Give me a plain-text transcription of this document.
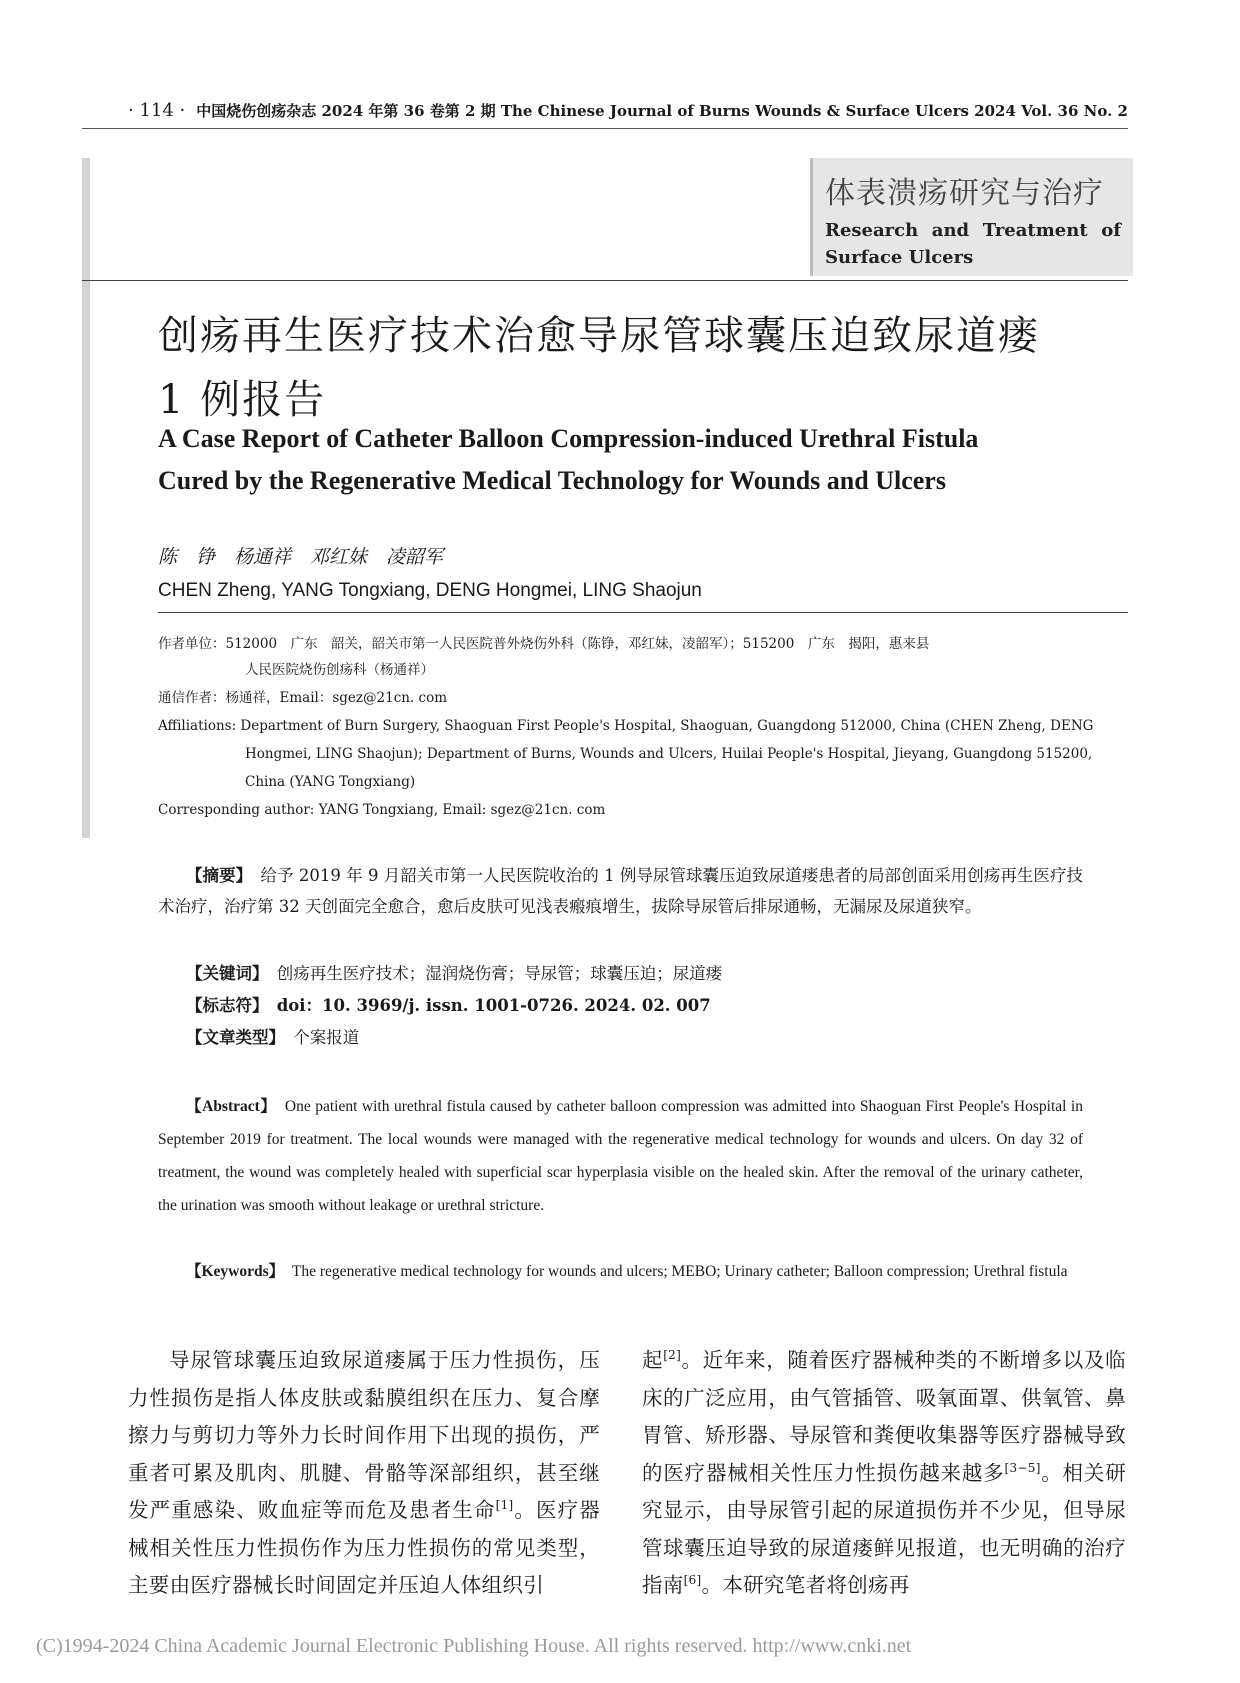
· 114 · 中国烧伤创疡杂志 2024 年第 36 卷第 2 期 The Chinese Journal of Burns Wounds & Surface Ulcers 2024 Vol. 36 No. 2
体表溃疡研究与治疗
Research and Treatment of
Surface Ulcers
创疡再生医疗技术治愈导尿管球囊压迫致尿道瘘
1 例报告
A Case Report of Catheter Balloon Compression-induced Urethral Fistula
Cured by the Regenerative Medical Technology for Wounds and Ulcers
陈　铮　杨通祥　邓红妹　凌韶军
CHEN Zheng, YANG Tongxiang, DENG Hongmei, LING Shaojun
作者单位：512000　广东　韶关，韶关市第一人民医院普外烧伤外科（陈铮，邓红妹，凌韶军）；515200　广东　揭阳，惠来县
人民医院烧伤创疡科（杨通祥）
通信作者：杨通祥，Email：sgez@21cn. com
Affiliations: Department of Burn Surgery, Shaoguan First People's Hospital, Shaoguan, Guangdong 512000, China (CHEN Zheng, DENG
Hongmei, LING Shaojun); Department of Burns, Wounds and Ulcers, Huilai People's Hospital, Jieyang, Guangdong 515200,
China (YANG Tongxiang)
Corresponding author: YANG Tongxiang, Email: sgez@21cn. com
【摘要】　给予 2019 年 9 月韶关市第一人民医院收治的 1 例导尿管球囊压迫致尿道瘘患者的局部创面采用创疡再生医疗技术治疗，治疗第 32 天创面完全愈合，愈后皮肤可见浅表瘢痕增生，拔除导尿管后排尿通畅，无漏尿及尿道狭窄。
【关键词】　创疡再生医疗技术；湿润烧伤膏；导尿管；球囊压迫；尿道瘘
【标志符】　doi：10. 3969/j. issn. 1001-0726. 2024. 02. 007
【文章类型】　个案报道
【Abstract】　One patient with urethral fistula caused by catheter balloon compression was admitted into Shaoguan First People's Hospital in September 2019 for treatment. The local wounds were managed with the regenerative medical technology for wounds and ulcers. On day 32 of treatment, the wound was completely healed with superficial scar hyperplasia visible on the healed skin. After the removal of the urinary catheter, the urination was smooth without leakage or urethral stricture.
【Keywords】　The regenerative medical technology for wounds and ulcers; MEBO; Urinary catheter; Balloon compression; Urethral fistula
导尿管球囊压迫致尿道瘘属于压力性损伤，压力性损伤是指人体皮肤或黏膜组织在压力、复合摩擦力与剪切力等外力长时间作用下出现的损伤，严重者可累及肌肉、肌腱、骨骼等深部组织，甚至继发严重感染、败血症等而危及患者生命[1]。医疗器械相关性压力性损伤作为压力性损伤的常见类型，主要由医疗器械长时间固定并压迫人体组织引
起[2]。近年来，随着医疗器械种类的不断增多以及临床的广泛应用，由气管插管、吸氧面罩、供氧管、鼻胃管、矫形器、导尿管和粪便收集器等医疗器械导致的医疗器械相关性压力性损伤越来越多[3−5]。相关研究显示，由导尿管引起的尿道损伤并不少见，但导尿管球囊压迫导致的尿道瘘鲜见报道，也无明确的治疗指南[6]。本研究笔者将创疡再
(C)1994-2024 China Academic Journal Electronic Publishing House. All rights reserved. http://www.cnki.net
